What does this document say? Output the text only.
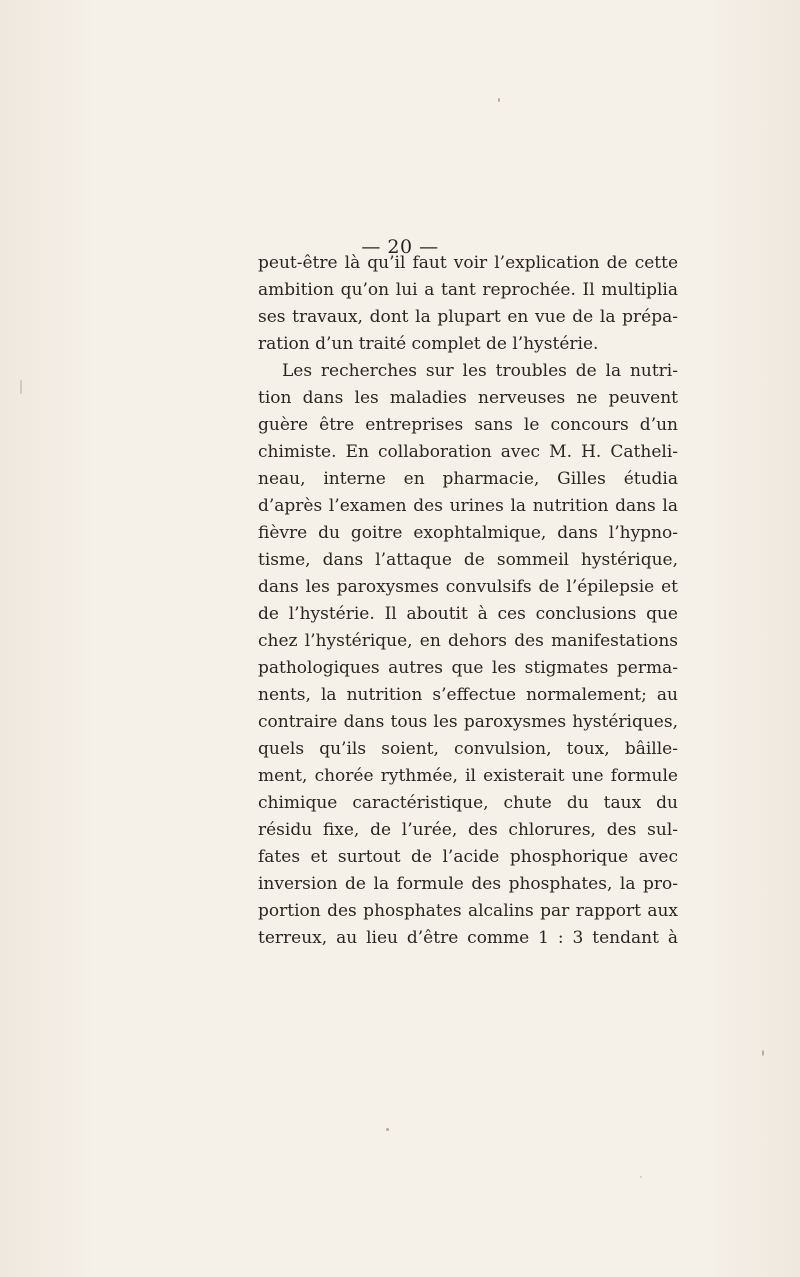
— 20 —
peut-être là qu’il faut voir l’explication de cette
ambition qu’on lui a tant reprochée. Il multiplia
ses travaux, dont la plupart en vue de la prépa-
ration d’un traité complet de l’hystérie.
Les recherches sur les troubles de la nutri-
tion dans les maladies nerveuses ne peuvent
guère être entreprises sans le concours d’un
chimiste. En collaboration avec M. H. Catheli-
neau, interne en pharmacie, Gilles étudia
d’après l’examen des urines la nutrition dans la
fièvre du goitre exophtalmique, dans l’hypno-
tisme, dans l’attaque de sommeil hystérique,
dans les paroxysmes convulsifs de l’épilepsie et
de l’hystérie. Il aboutit à ces conclusions que
chez l’hystérique, en dehors des manifestations
pathologiques autres que les stigmates perma-
nents, la nutrition s’effectue normalement; au
contraire dans tous les paroxysmes hystériques,
quels qu’ils soient, convulsion, toux, bâille-
ment, chorée rythmée, il existerait une formule
chimique caractéristique, chute du taux du
résidu fixe, de l’urée, des chlorures, des sul-
fates et surtout de l’acide phosphorique avec
inversion de la formule des phosphates, la pro-
portion des phosphates alcalins par rapport aux
terreux, au lieu d’être comme 1 : 3 tendant à
